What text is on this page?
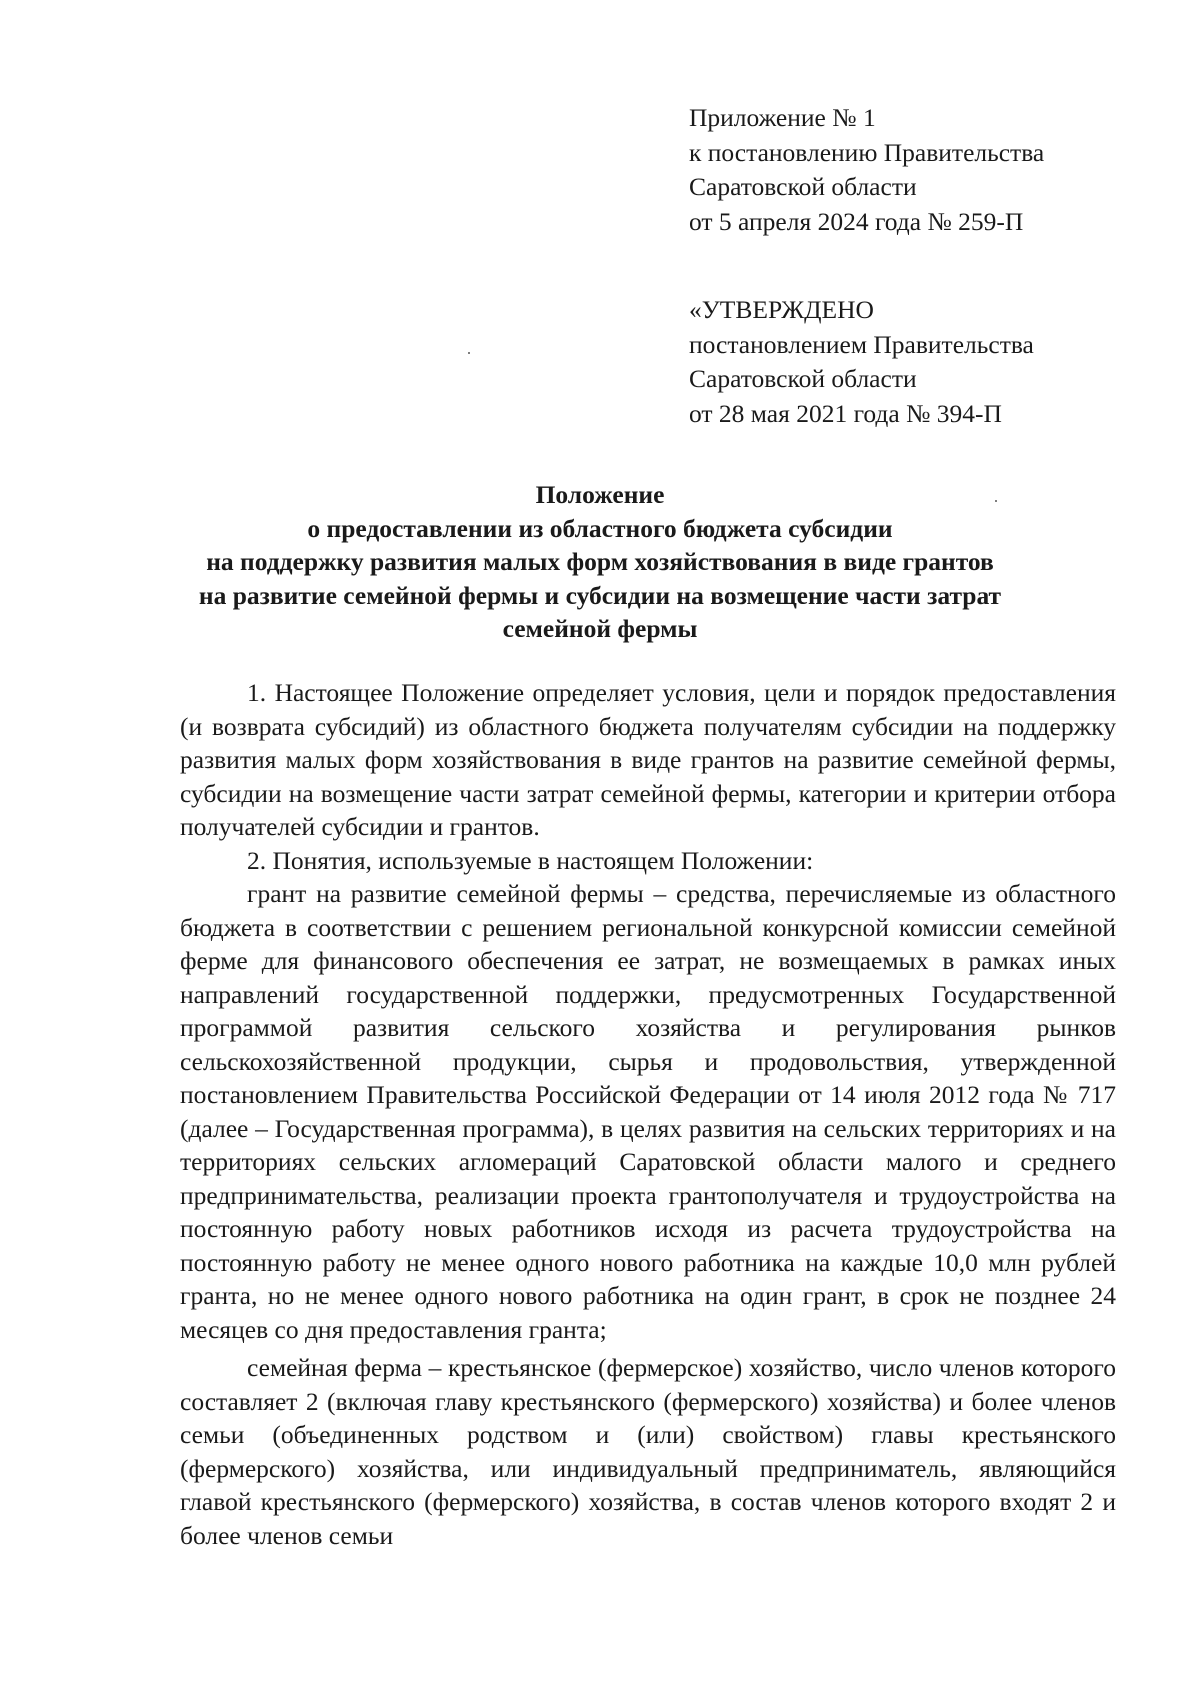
Приложение № 1
к постановлению Правительства
Саратовской области
от 5 апреля 2024 года № 259-П
«УТВЕРЖДЕНО
постановлением Правительства
Саратовской области
от 28 мая 2021 года № 394-П
Положение
о предоставлении из областного бюджета субсидии
на поддержку развития малых форм хозяйствования в виде грантов
на развитие семейной фермы и субсидии на возмещение части затрат
семейной фермы

1. Настоящее Положение определяет условия, цели и порядок предоставления (и возврата субсидий) из областного бюджета получателям субсидии на поддержку развития малых форм хозяйствования в виде грантов на развитие семейной фермы, субсидии на возмещение части затрат семейной фермы, категории и критерии отбора получателей субсидии и грантов.

2. Понятия, используемые в настоящем Положении:

грант на развитие семейной фермы – средства, перечисляемые из областного бюджета в соответствии с решением региональной конкурсной комиссии семейной ферме для финансового обеспечения ее затрат, не возмещаемых в рамках иных направлений государственной поддержки, предусмотренных Государственной программой развития сельского хозяйства и регулирования рынков сельскохозяйственной продукции, сырья и продовольствия, утвержденной постановлением Правительства Российской Федерации от 14 июля 2012 года № 717 (далее – Государственная программа), в целях развития на сельских территориях и на территориях сельских агломераций Саратовской области малого и среднего предпринимательства, реализации проекта грантополучателя и трудоустройства на постоянную работу новых работников исходя из расчета трудоустройства на постоянную работу не менее одного нового работника на каждые 10,0 млн рублей гранта, но не менее одного нового работника на один грант, в срок не позднее 24 месяцев со дня предоставления гранта;

семейная ферма – крестьянское (фермерское) хозяйство, число членов которого составляет 2 (включая главу крестьянского (фермерского) хозяйства) и более членов семьи (объединенных родством и (или) свойством) главы крестьянского (фермерского) хозяйства, или индивидуальный предприниматель, являющийся главой крестьянского (фермерского) хозяйства, в состав членов которого входят 2 и более членов семьи
